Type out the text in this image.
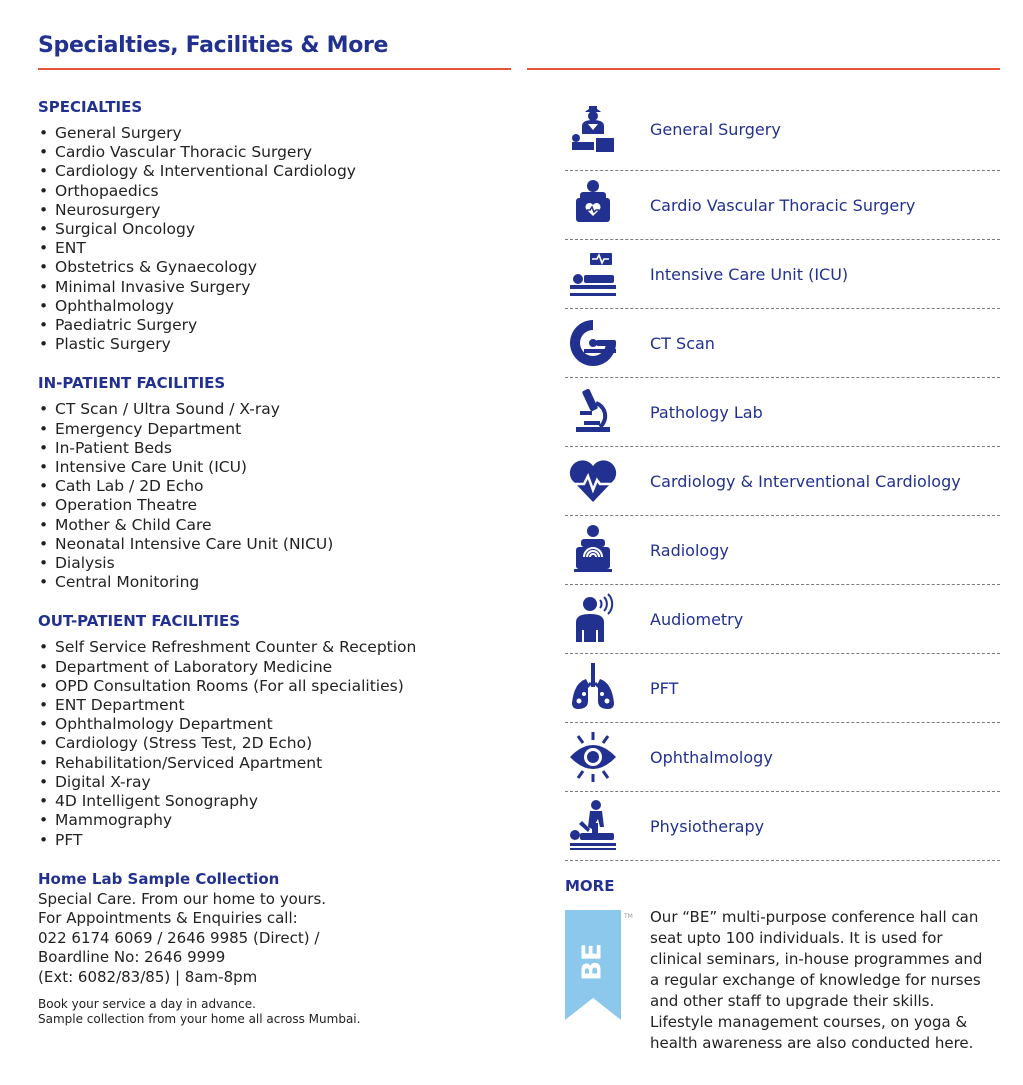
Specialties, Facilities & More
SPECIALTIES
• General Surgery
• Cardio Vascular Thoracic Surgery
• Cardiology & Interventional Cardiology
• Orthopaedics
• Neurosurgery
• Surgical Oncology
• ENT
• Obstetrics & Gynaecology
• Minimal Invasive Surgery
• Ophthalmology
• Paediatric Surgery
• Plastic Surgery
IN-PATIENT FACILITIES
• CT Scan / Ultra Sound / X-ray
• Emergency Department
• In-Patient Beds
• Intensive Care Unit (ICU)
• Cath Lab / 2D Echo
• Operation Theatre
• Mother & Child Care
• Neonatal Intensive Care Unit (NICU)
• Dialysis
• Central Monitoring
OUT-PATIENT FACILITIES
• Self Service Refreshment Counter & Reception
• Department of Laboratory Medicine
• OPD Consultation Rooms (For all specialities)
• ENT Department
• Ophthalmology Department
• Cardiology (Stress Test, 2D Echo)
• Rehabilitation/Serviced Apartment
• Digital X-ray
• 4D Intelligent Sonography
• Mammography
• PFT
Home Lab Sample Collection
Special Care. From our home to yours.
For Appointments & Enquiries call:
022 6174 6069 / 2646 9985 (Direct) /
Boardline No: 2646 9999
(Ext: 6082/83/85) | 8am-8pm
Book your service a day in advance.
Sample collection from your home all across Mumbai.
General Surgery
Cardio Vascular Thoracic Surgery
Intensive Care Unit (ICU)
CT Scan
Pathology Lab
Cardiology & Interventional Cardiology
Radiology
Audiometry
PFT
Ophthalmology
Physiotherapy
MORE
BE
TM Our “BE” multi-purpose conference hall can
seat upto 100 individuals. It is used for
clinical seminars, in-house programmes and
a regular exchange of knowledge for nurses
and other staff to upgrade their skills.
Lifestyle management courses, on yoga &
health awareness are also conducted here.
